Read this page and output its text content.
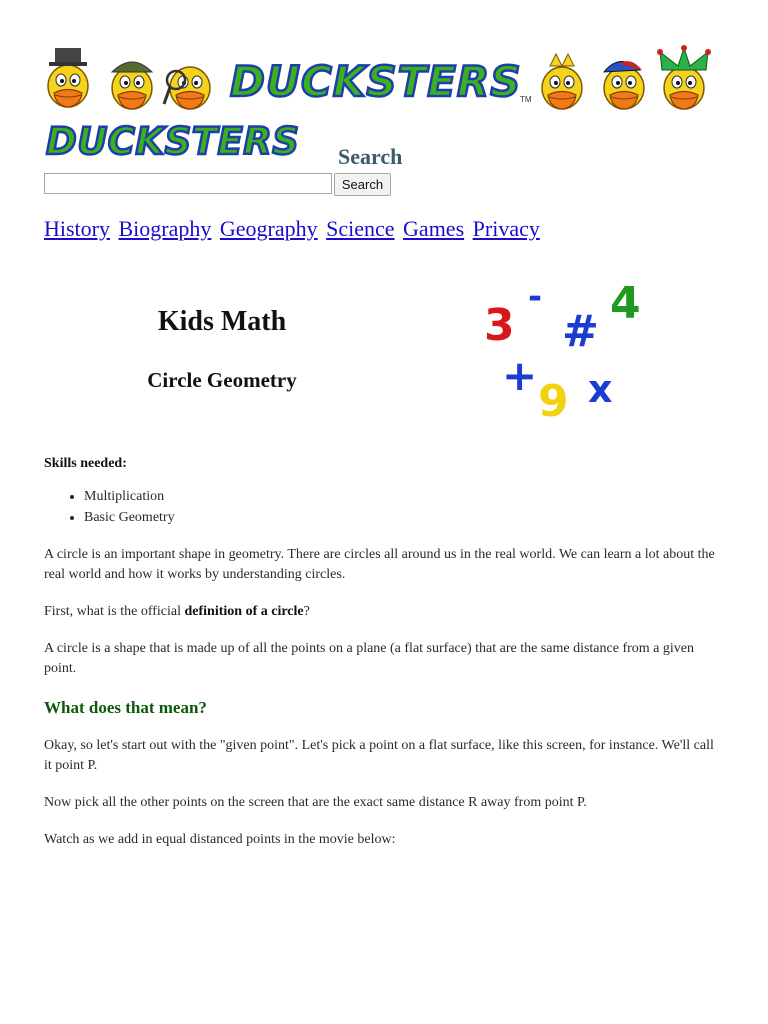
DUCKSTERS
TM
DUCKSTERS Search
Search
History Biography Geography Science Games Privacy
Kids Math
Circle Geometry
3
-
#
4
+
9 x

Skills needed:

• Multiplication
• Basic Geometry

A circle is an important shape in geometry. There are circles all around us in the real world. We can learn a lot about the real world and how it works by understanding circles.

First, what is the official definition of a circle?

A circle is a shape that is made up of all the points on a plane (a flat surface) that are the same distance from a given point.

What does that mean?

Okay, so let's start out with the "given point". Let's pick a point on a flat surface, like this screen, for instance. We'll call it point P.

Now pick all the other points on the screen that are the exact same distance R away from point P.

Watch as we add in equal distanced points in the movie below:
